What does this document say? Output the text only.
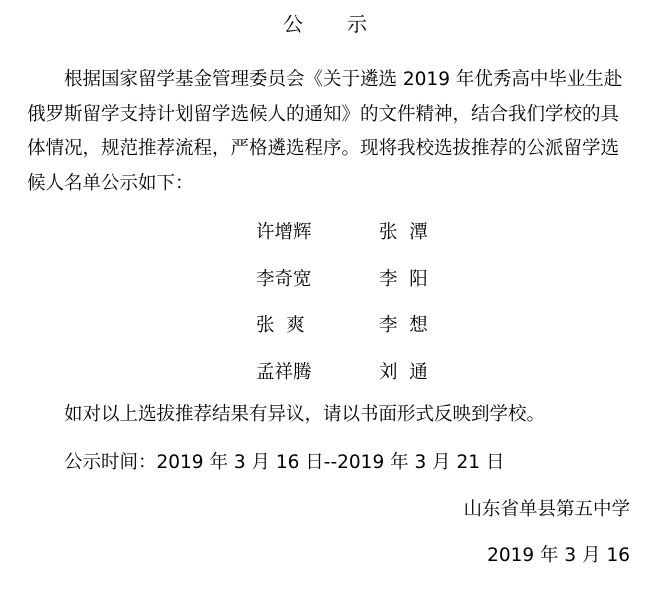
公 示

根据国家留学基金管理委员会《关于遴选 2019 年优秀高中毕业生赴俄罗斯留学支持计划留学选候人的通知》的文件精神，结合我们学校的具体情况，规范推荐流程，严格遴选程序。现将我校选拔推荐的公派留学选候人名单公示如下：

许增辉	张  潭
李奇宽	李  阳
张  爽	李  想
孟祥腾	刘  通
如对以上选拔推荐结果有异议，请以书面形式反映到学校。
公示时间：2019 年 3 月 16 日--2019 年 3 月 21 日
山东省单县第五中学
2019 年 3 月 16
